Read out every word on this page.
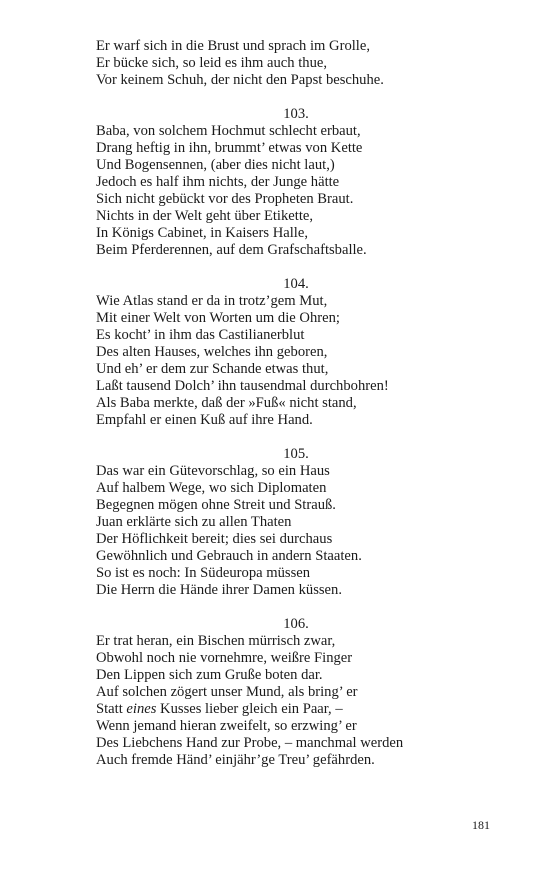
Er warf sich in die Brust und sprach im Grolle,
Er bücke sich, so leid es ihm auch thue,
Vor keinem Schuh, der nicht den Papst beschuhe.
103.
Baba, von solchem Hochmut schlecht erbaut,
Drang heftig in ihn, brummt’ etwas von Kette
Und Bogensennen, (aber dies nicht laut,)
Jedoch es half ihm nichts, der Junge hätte
Sich nicht gebückt vor des Propheten Braut.
Nichts in der Welt geht über Etikette,
In Königs Cabinet, in Kaisers Halle,
Beim Pferderennen, auf dem Grafschaftsballe.
104.
Wie Atlas stand er da in trotz’gem Mut,
Mit einer Welt von Worten um die Ohren;
Es kocht’ in ihm das Castilianerblut
Des alten Hauses, welches ihn geboren,
Und eh’ er dem zur Schande etwas thut,
Laßt tausend Dolch’ ihn tausendmal durchbohren!
Als Baba merkte, daß der »Fuß« nicht stand,
Empfahl er einen Kuß auf ihre Hand.
105.
Das war ein Gütevorschlag, so ein Haus
Auf halbem Wege, wo sich Diplomaten
Begegnen mögen ohne Streit und Strauß.
Juan erklärte sich zu allen Thaten
Der Höflichkeit bereit; dies sei durchaus
Gewöhnlich und Gebrauch in andern Staaten.
So ist es noch: In Südeuropa müssen
Die Herrn die Hände ihrer Damen küssen.
106.
Er trat heran, ein Bischen mürrisch zwar,
Obwohl noch nie vornehmre, weißre Finger
Den Lippen sich zum Gruße boten dar.
Auf solchen zögert unser Mund, als bring’ er
Statt eines Kusses lieber gleich ein Paar, –
Wenn jemand hieran zweifelt, so erzwing’ er
Des Liebchens Hand zur Probe, – manchmal werden
Auch fremde Händ’ einjähr’ge Treu’ gefährden.
181
